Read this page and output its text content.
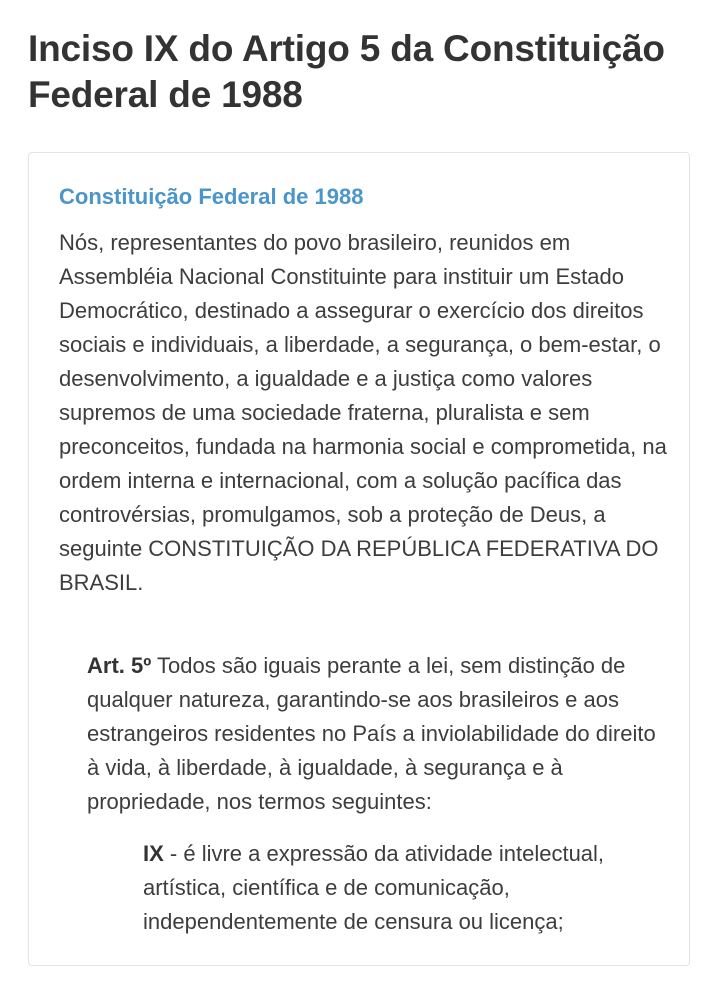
Inciso IX do Artigo 5 da Constituição Federal de 1988
Constituição Federal de 1988

Nós, representantes do povo brasileiro, reunidos em Assembléia Nacional Constituinte para instituir um Estado Democrático, destinado a assegurar o exercício dos direitos sociais e individuais, a liberdade, a segurança, o bem-estar, o desenvolvimento, a igualdade e a justiça como valores supremos de uma sociedade fraterna, pluralista e sem preconceitos, fundada na harmonia social e comprometida, na ordem interna e internacional, com a solução pacífica das controvérsias, promulgamos, sob a proteção de Deus, a seguinte CONSTITUIÇÃO DA REPÚBLICA FEDERATIVA DO BRASIL.

Art. 5º Todos são iguais perante a lei, sem distinção de qualquer natureza, garantindo-se aos brasileiros e aos estrangeiros residentes no País a inviolabilidade do direito à vida, à liberdade, à igualdade, à segurança e à propriedade, nos termos seguintes:

IX - é livre a expressão da atividade intelectual, artística, científica e de comunicação, independentemente de censura ou licença;
